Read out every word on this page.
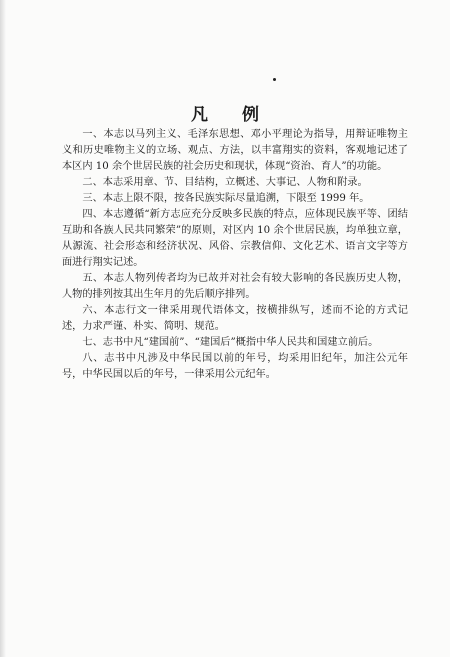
凡 例

一、本志以马列主义、毛泽东思想、邓小平理论为指导，用辩证唯物主义和历史唯物主义的立场、观点、方法，以丰富翔实的资料，客观地记述了本区内 10 余个世居民族的社会历史和现状，体现“资治、育人”的功能。

二、本志采用章、节、目结构，立概述、大事记、人物和附录。

三、本志上限不限，按各民族实际尽量追溯，下限至 1999 年。

四、本志遵循“新方志应充分反映多民族的特点，应体现民族平等、团结互助和各族人民共同繁荣”的原则，对区内 10 余个世居民族，均单独立章，从源流、社会形态和经济状况、风俗、宗教信仰、文化艺术、语言文字等方面进行翔实记述。

五、本志人物列传者均为已故并对社会有较大影响的各民族历史人物，人物的排列按其出生年月的先后顺序排列。

六、本志行文一律采用现代语体文，按横排纵写，述而不论的方式记述，力求严谨、朴实、简明、规范。

七、志书中凡“建国前”、“建国后”概指中华人民共和国建立前后。

八、志书中凡涉及中华民国以前的年号，均采用旧纪年，加注公元年号，中华民国以后的年号，一律采用公元纪年。
